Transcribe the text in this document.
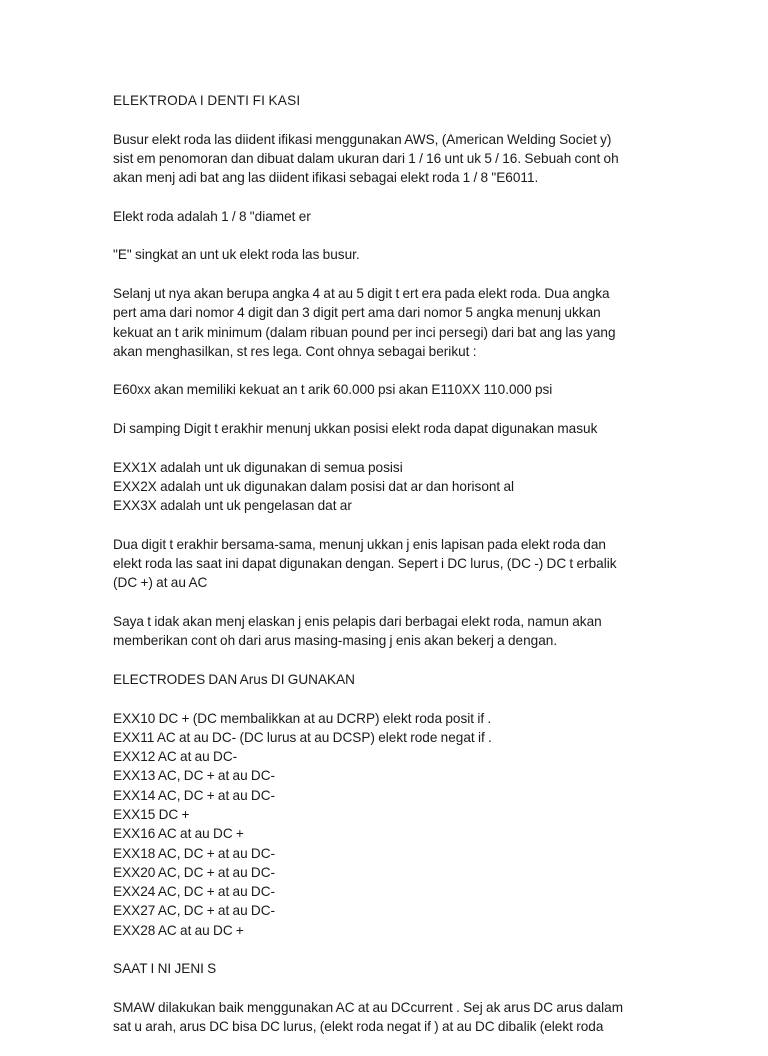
ELEKTRODA I DENTI FI KASI
Busur elekt roda las diident ifikasi menggunakan AWS, (American Welding Societ y)
sist em penomoran dan dibuat dalam ukuran dari 1 / 16 unt uk 5 / 16. Sebuah cont oh
akan menj adi bat ang las diident ifikasi sebagai elekt roda 1 / 8 "E6011.
Elekt roda adalah 1 / 8 "diamet er
"E" singkat an unt uk elekt roda las busur.
Selanj ut nya akan berupa angka 4 at au 5 digit t ert era pada elekt roda. Dua angka
pert ama dari nomor 4 digit dan 3 digit pert ama dari nomor 5 angka menunj ukkan
kekuat an t arik minimum (dalam ribuan pound per inci persegi) dari bat ang las yang
akan menghasilkan, st res lega. Cont ohnya sebagai berikut :
E60xx akan memiliki kekuat an t arik 60.000 psi akan E110XX 110.000 psi
Di samping Digit t erakhir menunj ukkan posisi elekt roda dapat digunakan masuk
EXX1X adalah unt uk digunakan di semua posisi
EXX2X adalah unt uk digunakan dalam posisi dat ar dan horisont al
EXX3X adalah unt uk pengelasan dat ar
Dua digit t erakhir bersama-sama, menunj ukkan j enis lapisan pada elekt roda dan
elekt roda las saat ini dapat digunakan dengan. Sepert i DC lurus, (DC -) DC t erbalik
(DC +) at au AC
Saya t idak akan menj elaskan j enis pelapis dari berbagai elekt roda, namun akan
memberikan cont oh dari arus masing-masing j enis akan bekerj a dengan.
ELECTRODES DAN Arus DI GUNAKAN
EXX10 DC + (DC membalikkan at au DCRP) elekt roda posit if .
EXX11 AC at au DC- (DC lurus at au DCSP) elekt rode negat if .
EXX12 AC at au DC-
EXX13 AC, DC + at au DC-
EXX14 AC, DC + at au DC-
EXX15 DC +
EXX16 AC at au DC +
EXX18 AC, DC + at au DC-
EXX20 AC, DC + at au DC-
EXX24 AC, DC + at au DC-
EXX27 AC, DC + at au DC-
EXX28 AC at au DC +
SAAT I NI JENI S
SMAW dilakukan baik menggunakan AC at au DCcurrent . Sej ak arus DC arus dalam
sat u arah, arus DC bisa DC lurus, (elekt roda negat if ) at au DC dibalik (elekt roda
